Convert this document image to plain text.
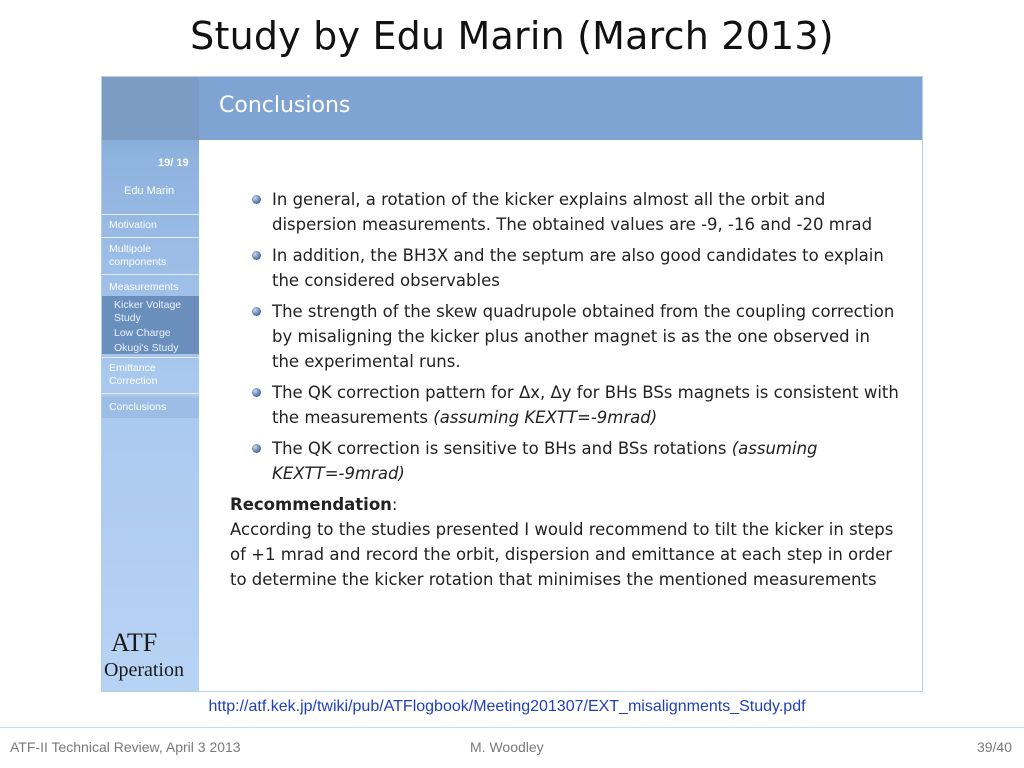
Study by Edu Marin (March 2013)
19/ 19
Edu Marin
Motivation
Multipole
components
Measurements
Kicker Voltage
Study
Low Charge
Okugi's Study
Emittance
Correction
Conclusions
ATF
Operation
Conclusions
In general, a rotation of the kicker explains almost all the orbit and dispersion measurements. The obtained values are -9, -16 and -20 mrad
In addition, the BH3X and the septum are also good candidates to explain the considered observables
The strength of the skew quadrupole obtained from the coupling correction by misaligning the kicker plus another magnet is as the one observed in the experimental runs.
The QK correction pattern for Δx, Δy for BHs BSs magnets is consistent with the measurements (assuming KEXTT=-9mrad)
The QK correction is sensitive to BHs and BSs rotations (assuming KEXTT=-9mrad)
Recommendation:
According to the studies presented I would recommend to tilt the kicker in steps of +1 mrad and record the orbit, dispersion and emittance at each step in order to determine the kicker rotation that minimises the mentioned measurements
http://atf.kek.jp/twiki/pub/ATFlogbook/Meeting201307/EXT_misalignments_Study.pdf
ATF-II Technical Review, April 3 2013	M. Woodley	39/40
